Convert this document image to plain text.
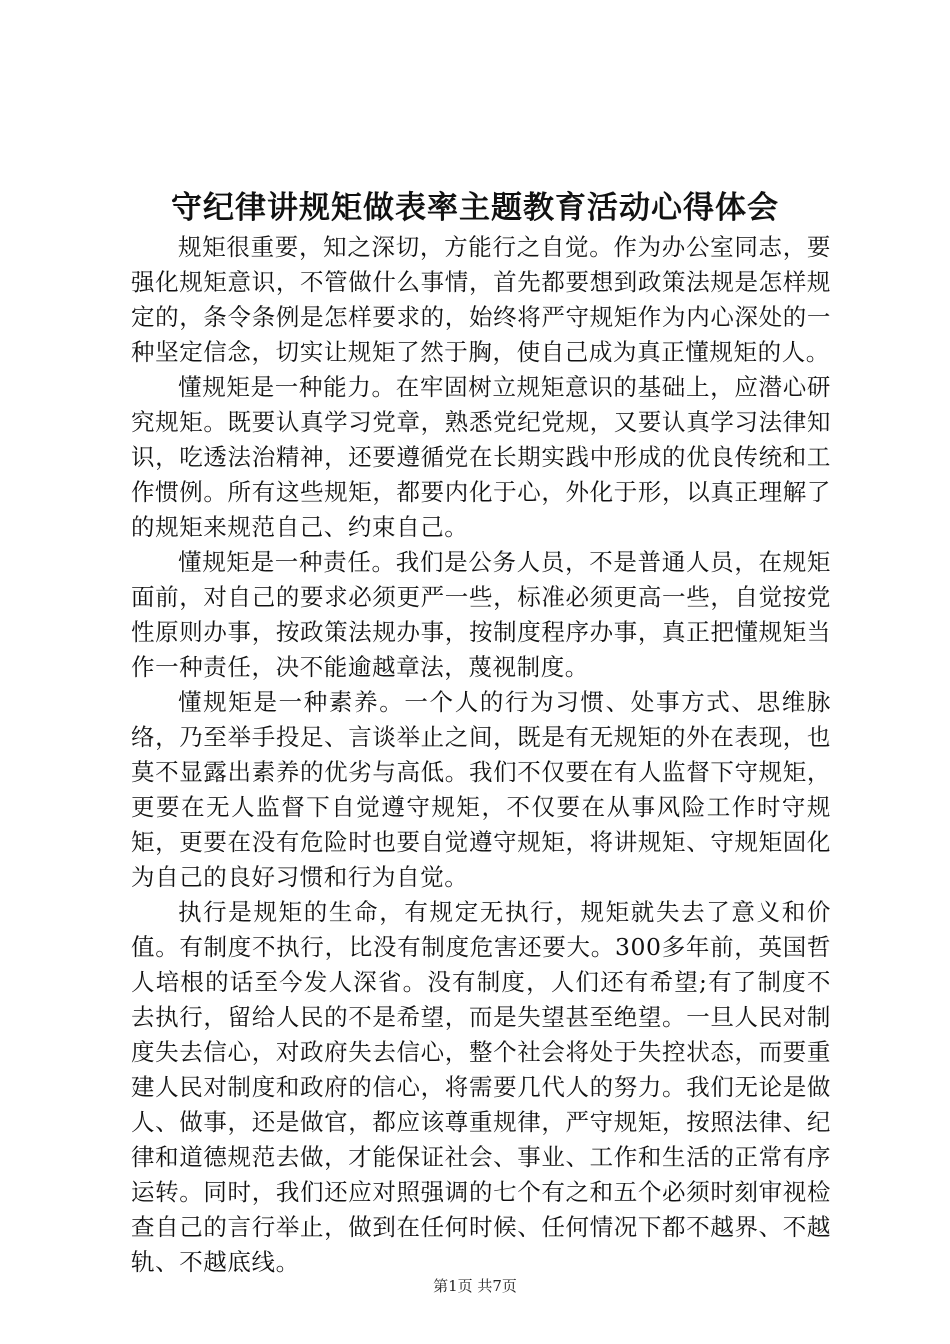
守纪律讲规矩做表率主题教育活动心得体会

规矩很重要，知之深切，方能行之自觉。作为办公室同志，要强化规矩意识，不管做什么事情，首先都要想到政策法规是怎样规定的，条令条例是怎样要求的，始终将严守规矩作为内心深处的一种坚定信念，切实让规矩了然于胸，使自己成为真正懂规矩的人。

懂规矩是一种能力。在牢固树立规矩意识的基础上，应潜心研究规矩。既要认真学习党章，熟悉党纪党规，又要认真学习法律知识，吃透法治精神，还要遵循党在长期实践中形成的优良传统和工作惯例。所有这些规矩，都要内化于心，外化于形，以真正理解了的规矩来规范自己、约束自己。

懂规矩是一种责任。我们是公务人员，不是普通人员，在规矩面前，对自己的要求必须更严一些，标准必须更高一些，自觉按党性原则办事，按政策法规办事，按制度程序办事，真正把懂规矩当作一种责任，决不能逾越章法，蔑视制度。

懂规矩是一种素养。一个人的行为习惯、处事方式、思维脉络，乃至举手投足、言谈举止之间，既是有无规矩的外在表现，也莫不显露出素养的优劣与高低。我们不仅要在有人监督下守规矩，更要在无人监督下自觉遵守规矩，不仅要在从事风险工作时守规矩，更要在没有危险时也要自觉遵守规矩，将讲规矩、守规矩固化为自己的良好习惯和行为自觉。

执行是规矩的生命，有规定无执行，规矩就失去了意义和价值。有制度不执行，比没有制度危害还要大。300多年前，英国哲人培根的话至今发人深省。没有制度，人们还有希望;有了制度不去执行，留给人民的不是希望，而是失望甚至绝望。一旦人民对制度失去信心，对政府失去信心，整个社会将处于失控状态，而要重建人民对制度和政府的信心，将需要几代人的努力。我们无论是做人、做事，还是做官，都应该尊重规律，严守规矩，按照法律、纪律和道德规范去做，才能保证社会、事业、工作和生活的正常有序运转。同时，我们还应对照强调的七个有之和五个必须时刻审视检查自己的言行举止，做到在任何时候、任何情况下都不越界、不越轨、不越底线。

第1页 共7页
